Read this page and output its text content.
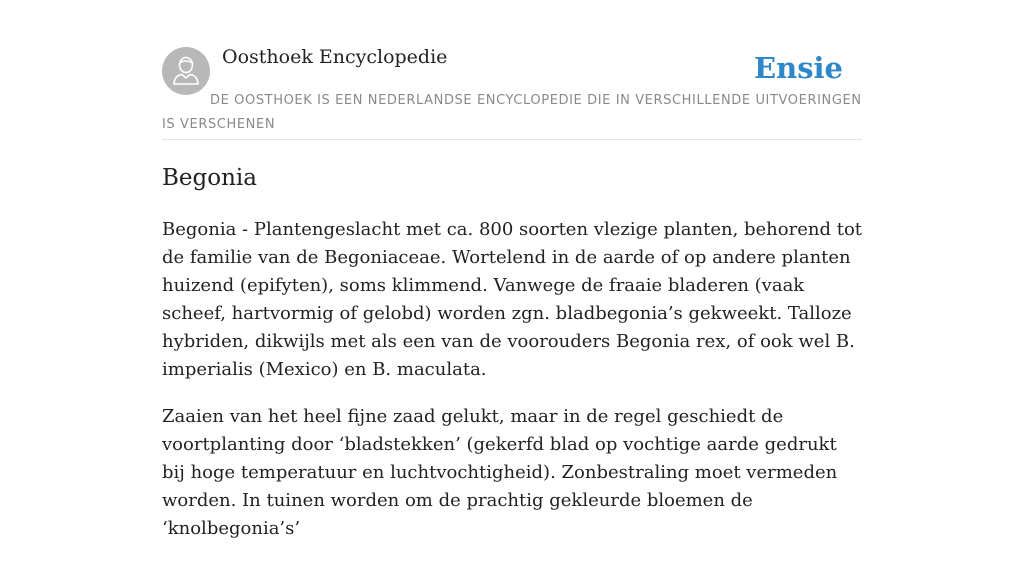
Oosthoek Encyclopedie	Ensie
DE OOSTHOEK IS EEN NEDERLANDSE ENCYCLOPEDIE DIE IN VERSCHILLENDE UITVOERINGEN IS VERSCHENEN
Begonia

Begonia - Plantengeslacht met ca. 800 soorten vlezige planten, behorend tot de familie van de Begoniaceae. Wortelend in de aarde of op andere planten huizend (epifyten), soms klimmend. Vanwege de fraaie bladeren (vaak scheef, hartvormig of gelobd) worden zgn. bladbegonia’s gekweekt. Talloze hybriden, dikwijls met als een van de voorouders Begonia rex, of ook wel B. imperialis (Mexico) en B. maculata.

Zaaien van het heel fijne zaad gelukt, maar in de regel geschiedt de voortplanting door ‘bladstekken’ (gekerfd blad op vochtige aarde gedrukt bij hoge temperatuur en luchtvochtigheid). Zonbestraling moet vermeden worden. In tuinen worden om de prachtig gekleurde bloemen de ‘knolbegonia’s’
